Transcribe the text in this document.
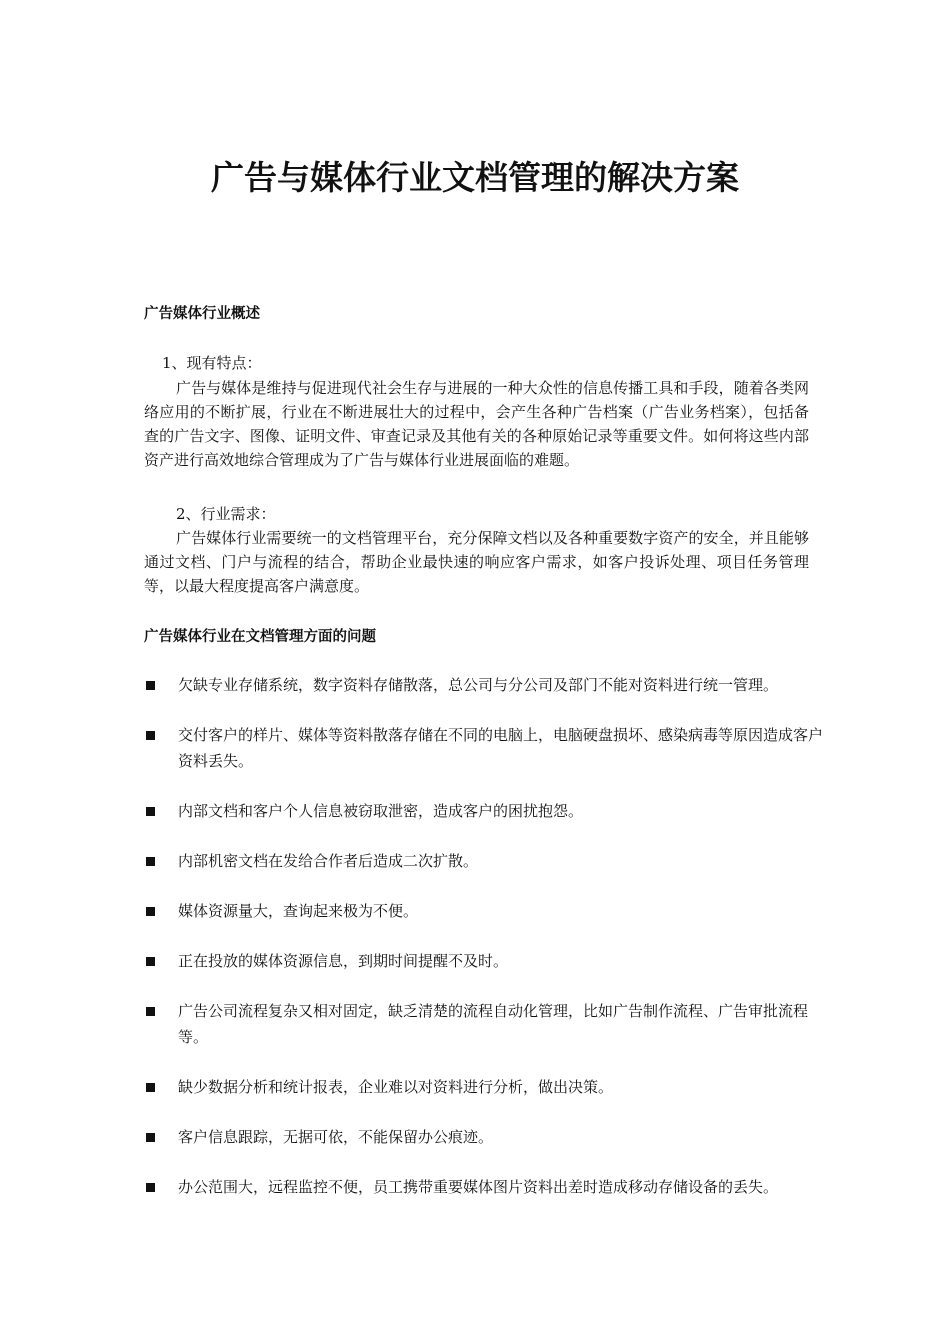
广告与媒体行业文档管理的解决方案
广告媒体行业概述

1、现有特点：

广告与媒体是维持与促进现代社会生存与进展的一种大众性的信息传播工具和手段，随着各类网络应用的不断扩展，行业在不断进展壮大的过程中，会产生各种广告档案（广告业务档案），包括备查的广告文字、图像、证明文件、审查记录及其他有关的各种原始记录等重要文件。如何将这些内部资产进行高效地综合管理成为了广告与媒体行业进展面临的难题。

2、行业需求：

广告媒体行业需要统一的文档管理平台，充分保障文档以及各种重要数字资产的安全，并且能够通过文档、门户与流程的结合，帮助企业最快速的响应客户需求，如客户投诉处理、项目任务管理等，以最大程度提高客户满意度。

广告媒体行业在文档管理方面的问题
欠缺专业存储系统，数字资料存储散落，总公司与分公司及部门不能对资料进行统一管理。
交付客户的样片、媒体等资料散落存储在不同的电脑上，电脑硬盘损坏、感染病毒等原因造成客户资料丢失。
内部文档和客户个人信息被窃取泄密，造成客户的困扰抱怨。
内部机密文档在发给合作者后造成二次扩散。
媒体资源量大，查询起来极为不便。
正在投放的媒体资源信息，到期时间提醒不及时。
广告公司流程复杂又相对固定，缺乏清楚的流程自动化管理，比如广告制作流程、广告审批流程等。
缺少数据分析和统计报表，企业难以对资料进行分析，做出决策。
客户信息跟踪，无据可依，不能保留办公痕迹。
办公范围大，远程监控不便，员工携带重要媒体图片资料出差时造成移动存储设备的丢失。
